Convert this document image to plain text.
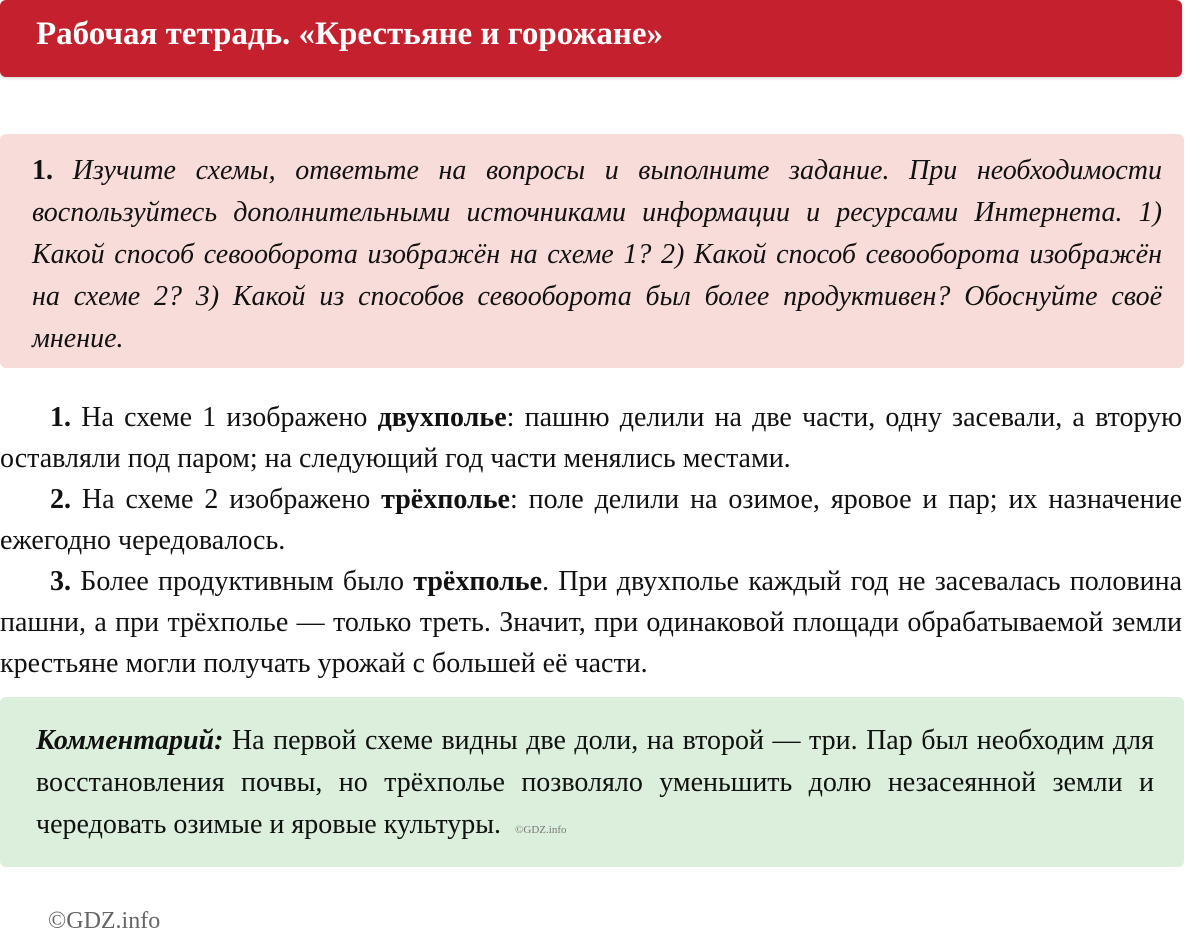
Рабочая тетрадь. «Крестьяне и горожане»
1. Изучите схемы, ответьте на вопросы и выполните задание. При необходимости воспользуйтесь дополнительными источниками информации и ресурсами Интернета. 1) Какой способ севооборота изображён на схеме 1? 2) Какой способ севооборота изображён на схеме 2? 3) Какой из способов севооборота был более продуктивен? Обоснуйте своё мнение.

1. На схеме 1 изображено двухполье: пашню делили на две части, одну засевали, а вторую оставляли под паром; на следующий год части менялись местами.

2. На схеме 2 изображено трёхполье: поле делили на озимое, яровое и пар; их назначение ежегодно чередовалось.

3. Более продуктивным было трёхполье. При двухполье каждый год не засевалась половина пашни, а при трёхполье — только треть. Значит, при одинаковой площади обрабатываемой земли крестьяне могли получать урожай с большей её части.

Комментарий: На первой схеме видны две доли, на второй — три. Пар был необходим для восстановления почвы, но трёхполье позволяло уменьшить долю незасеянной земли и чередовать озимые и яровые культуры. ©GDZ.info
©GDZ.info
